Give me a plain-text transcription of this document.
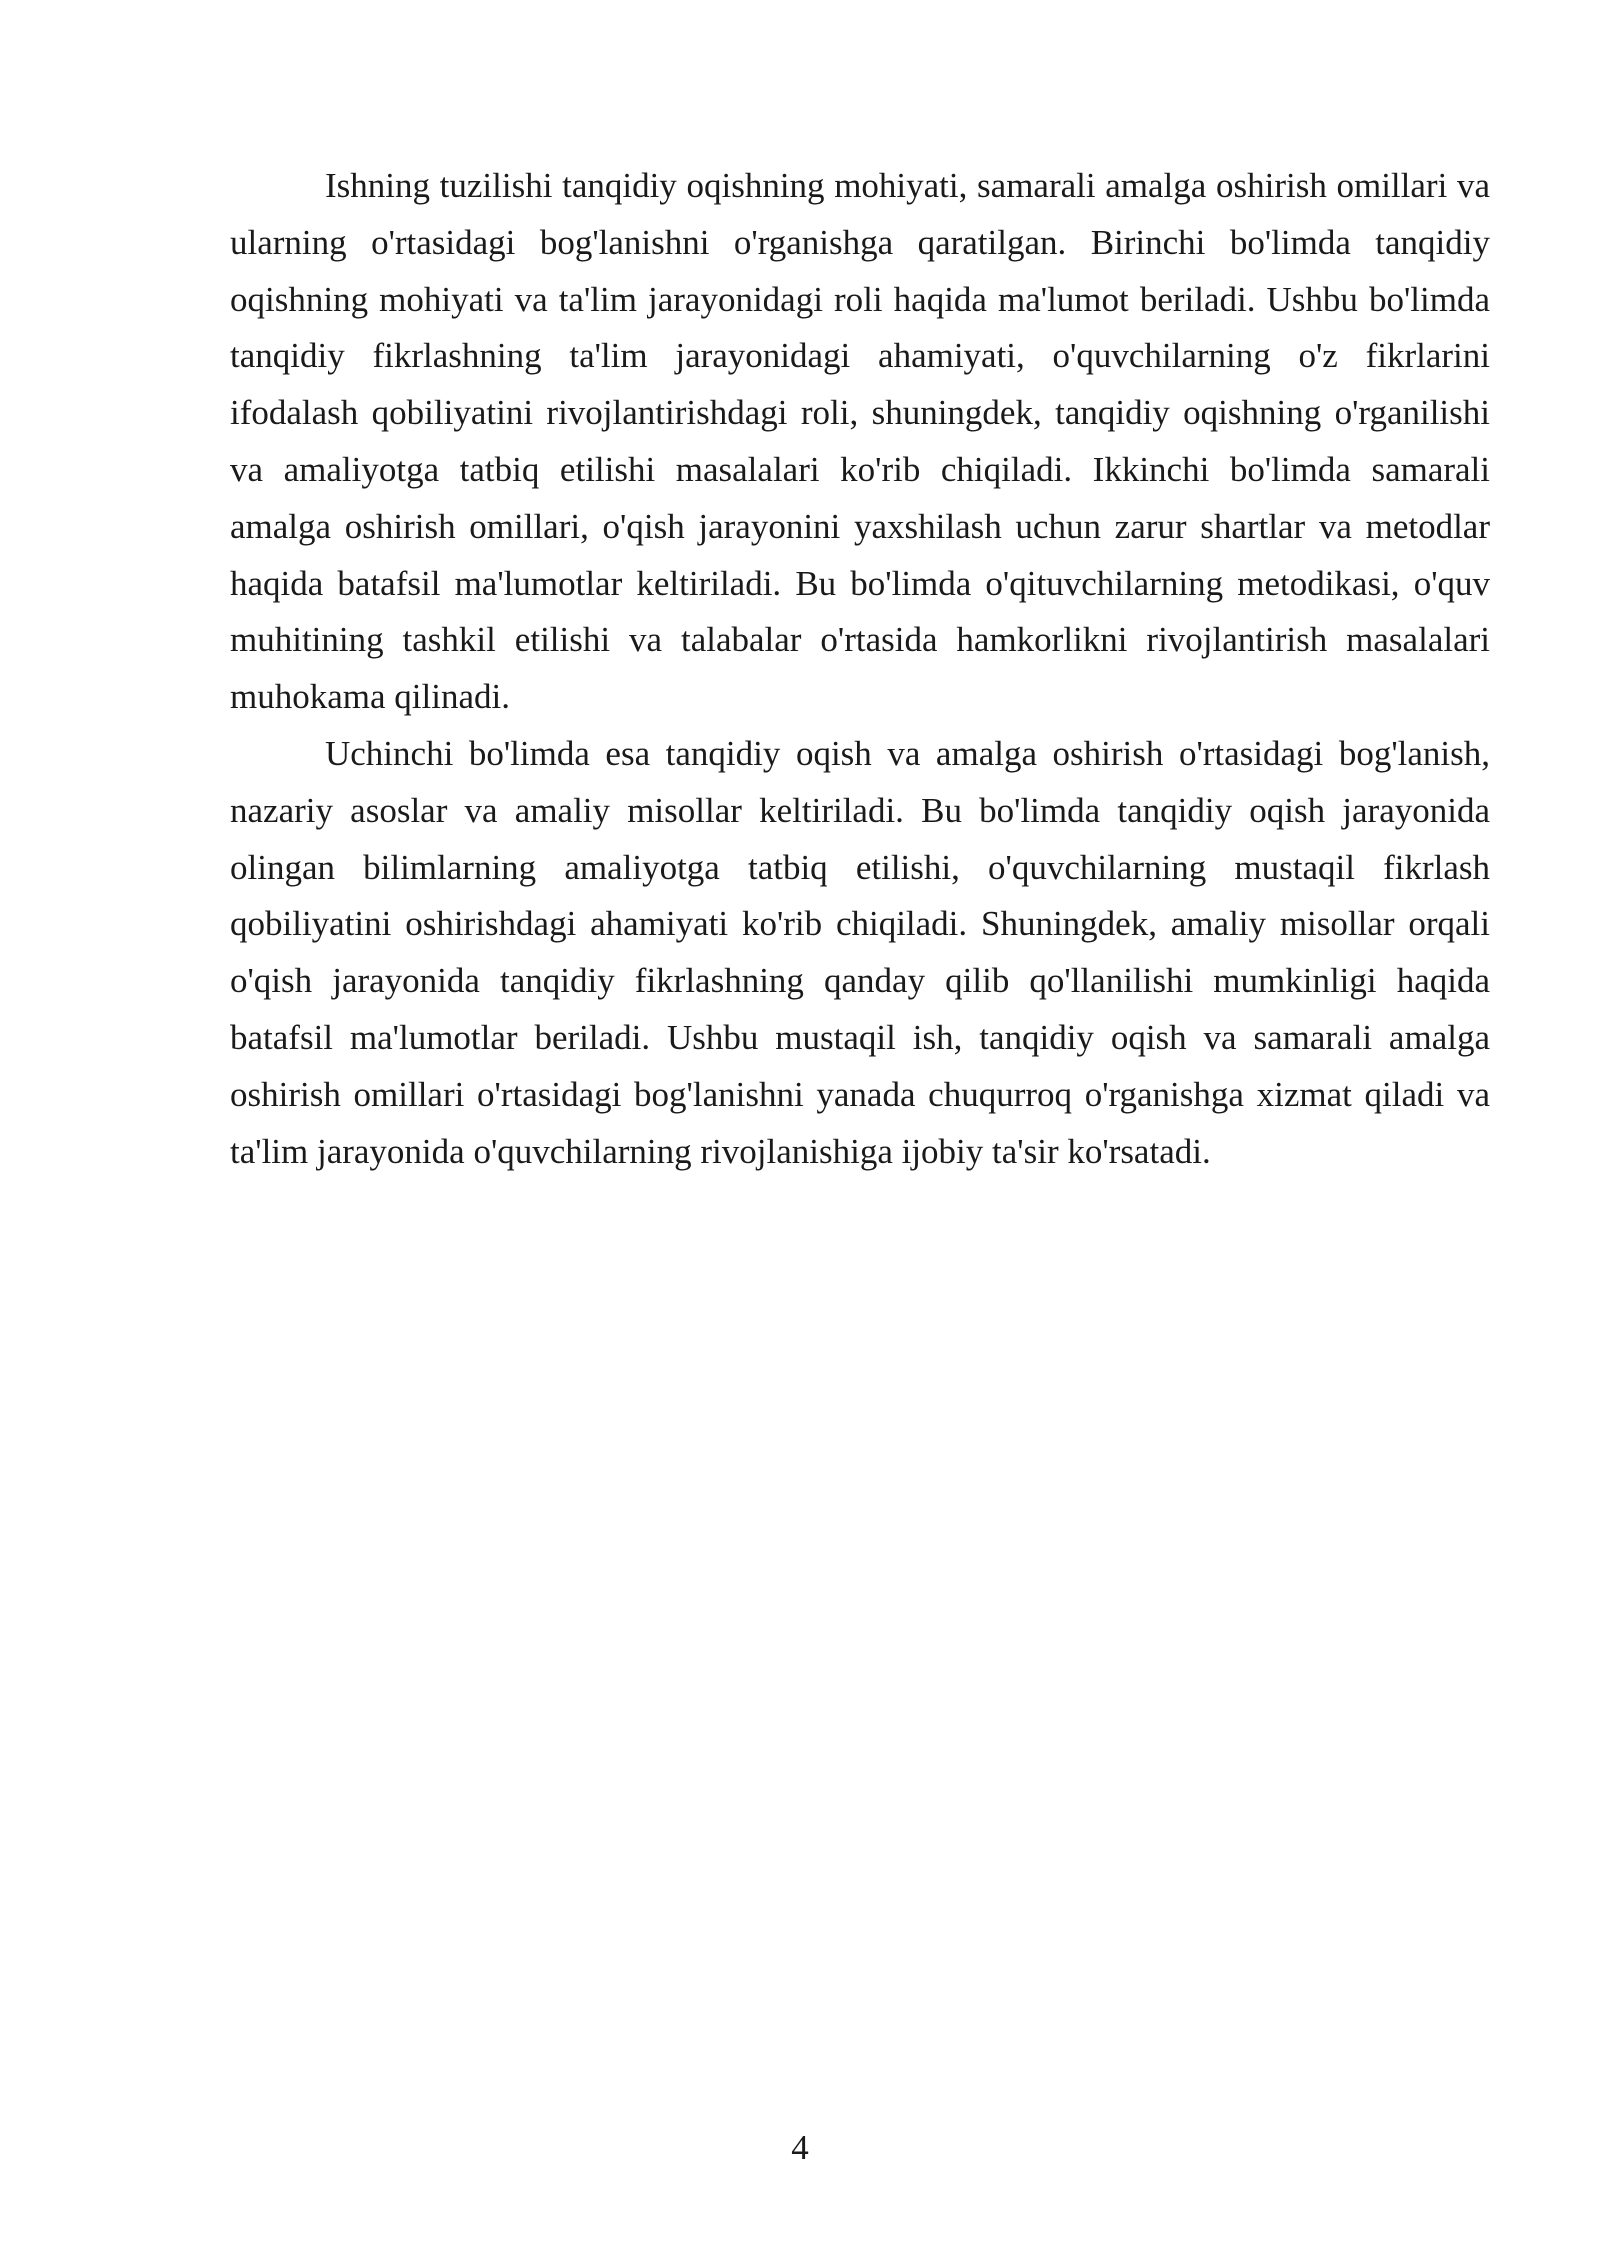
Ishning tuzilishi tanqidiy oqishning mohiyati, samarali amalga oshirish omillari va ularning o'rtasidagi bog'lanishni o'rganishga qaratilgan. Birinchi bo'limda tanqidiy oqishning mohiyati va ta'lim jarayonidagi roli haqida ma'lumot beriladi. Ushbu bo'limda tanqidiy fikrlashning ta'lim jarayonidagi ahamiyati, o'quvchilarning o'z fikrlarini ifodalash qobiliyatini rivojlantirishdagi roli, shuningdek, tanqidiy oqishning o'rganilishi va amaliyotga tatbiq etilishi masalalari ko'rib chiqiladi. Ikkinchi bo'limda samarali amalga oshirish omillari, o'qish jarayonini yaxshilash uchun zarur shartlar va metodlar haqida batafsil ma'lumotlar keltiriladi. Bu bo'limda o'qituvchilarning metodikasi, o'quv muhitining tashkil etilishi va talabalar o'rtasida hamkorlikni rivojlantirish masalalari muhokama qilinadi.

Uchinchi bo'limda esa tanqidiy oqish va amalga oshirish o'rtasidagi bog'lanish, nazariy asoslar va amaliy misollar keltiriladi. Bu bo'limda tanqidiy oqish jarayonida olingan bilimlarning amaliyotga tatbiq etilishi, o'quvchilarning mustaqil fikrlash qobiliyatini oshirishdagi ahamiyati ko'rib chiqiladi. Shuningdek, amaliy misollar orqali o'qish jarayonida tanqidiy fikrlashning qanday qilib qo'llanilishi mumkinligi haqida batafsil ma'lumotlar beriladi. Ushbu mustaqil ish, tanqidiy oqish va samarali amalga oshirish omillari o'rtasidagi bog'lanishni yanada chuqurroq o'rganishga xizmat qiladi va ta'lim jarayonida o'quvchilarning rivojlanishiga ijobiy ta'sir ko'rsatadi.

4
